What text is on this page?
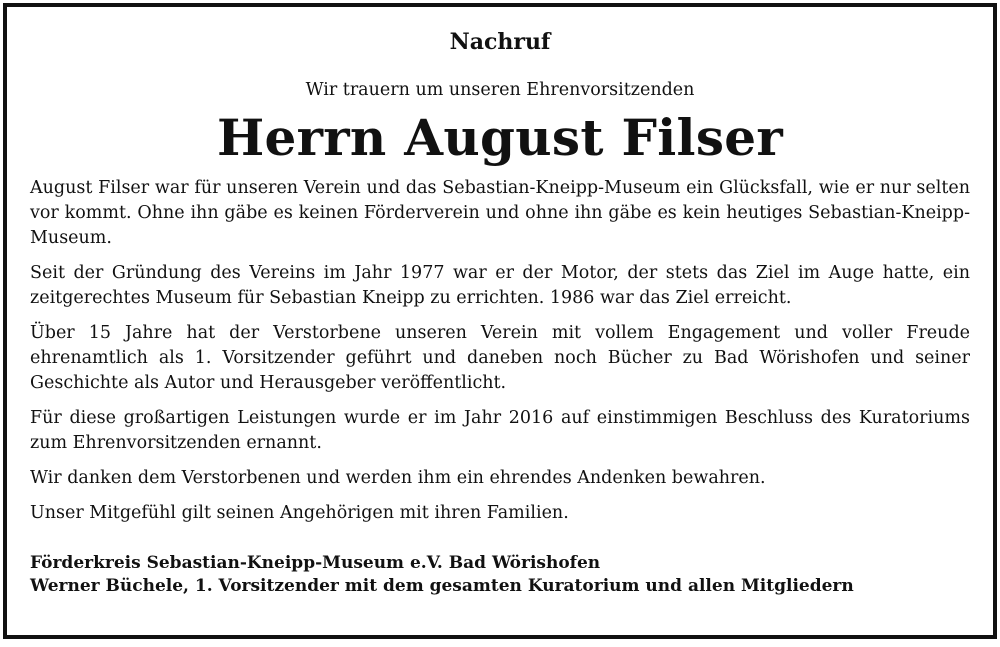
Nachruf

Wir trauern um unseren Ehrenvorsitzenden

Herrn August Filser

August Filser war für unseren Verein und das Sebastian-Kneipp-Museum ein Glücksfall, wie er nur selten vor kommt. Ohne ihn gäbe es keinen Förderverein und ohne ihn gäbe es kein heutiges Sebastian-Kneipp-Museum.

Seit der Gründung des Vereins im Jahr 1977 war er der Motor, der stets das Ziel im Auge hatte, ein zeitgerechtes Museum für Sebastian Kneipp zu errichten. 1986 war das Ziel erreicht.

Über 15 Jahre hat der Verstorbene unseren Verein mit vollem Engagement und voller Freude ehrenamtlich als 1. Vorsitzender geführt und daneben noch Bücher zu Bad Wörishofen und seiner Geschichte als Autor und Herausgeber veröffentlicht.

Für diese großartigen Leistungen wurde er im Jahr 2016 auf einstimmigen Beschluss des Kuratoriums zum Ehrenvorsitzenden ernannt.

Wir danken dem Verstorbenen und werden ihm ein ehrendes Andenken bewahren.

Unser Mitgefühl gilt seinen Angehörigen mit ihren Familien.

Förderkreis Sebastian-Kneipp-Museum e.V. Bad Wörishofen

Werner Büchele, 1. Vorsitzender mit dem gesamten Kuratorium und allen Mitgliedern
